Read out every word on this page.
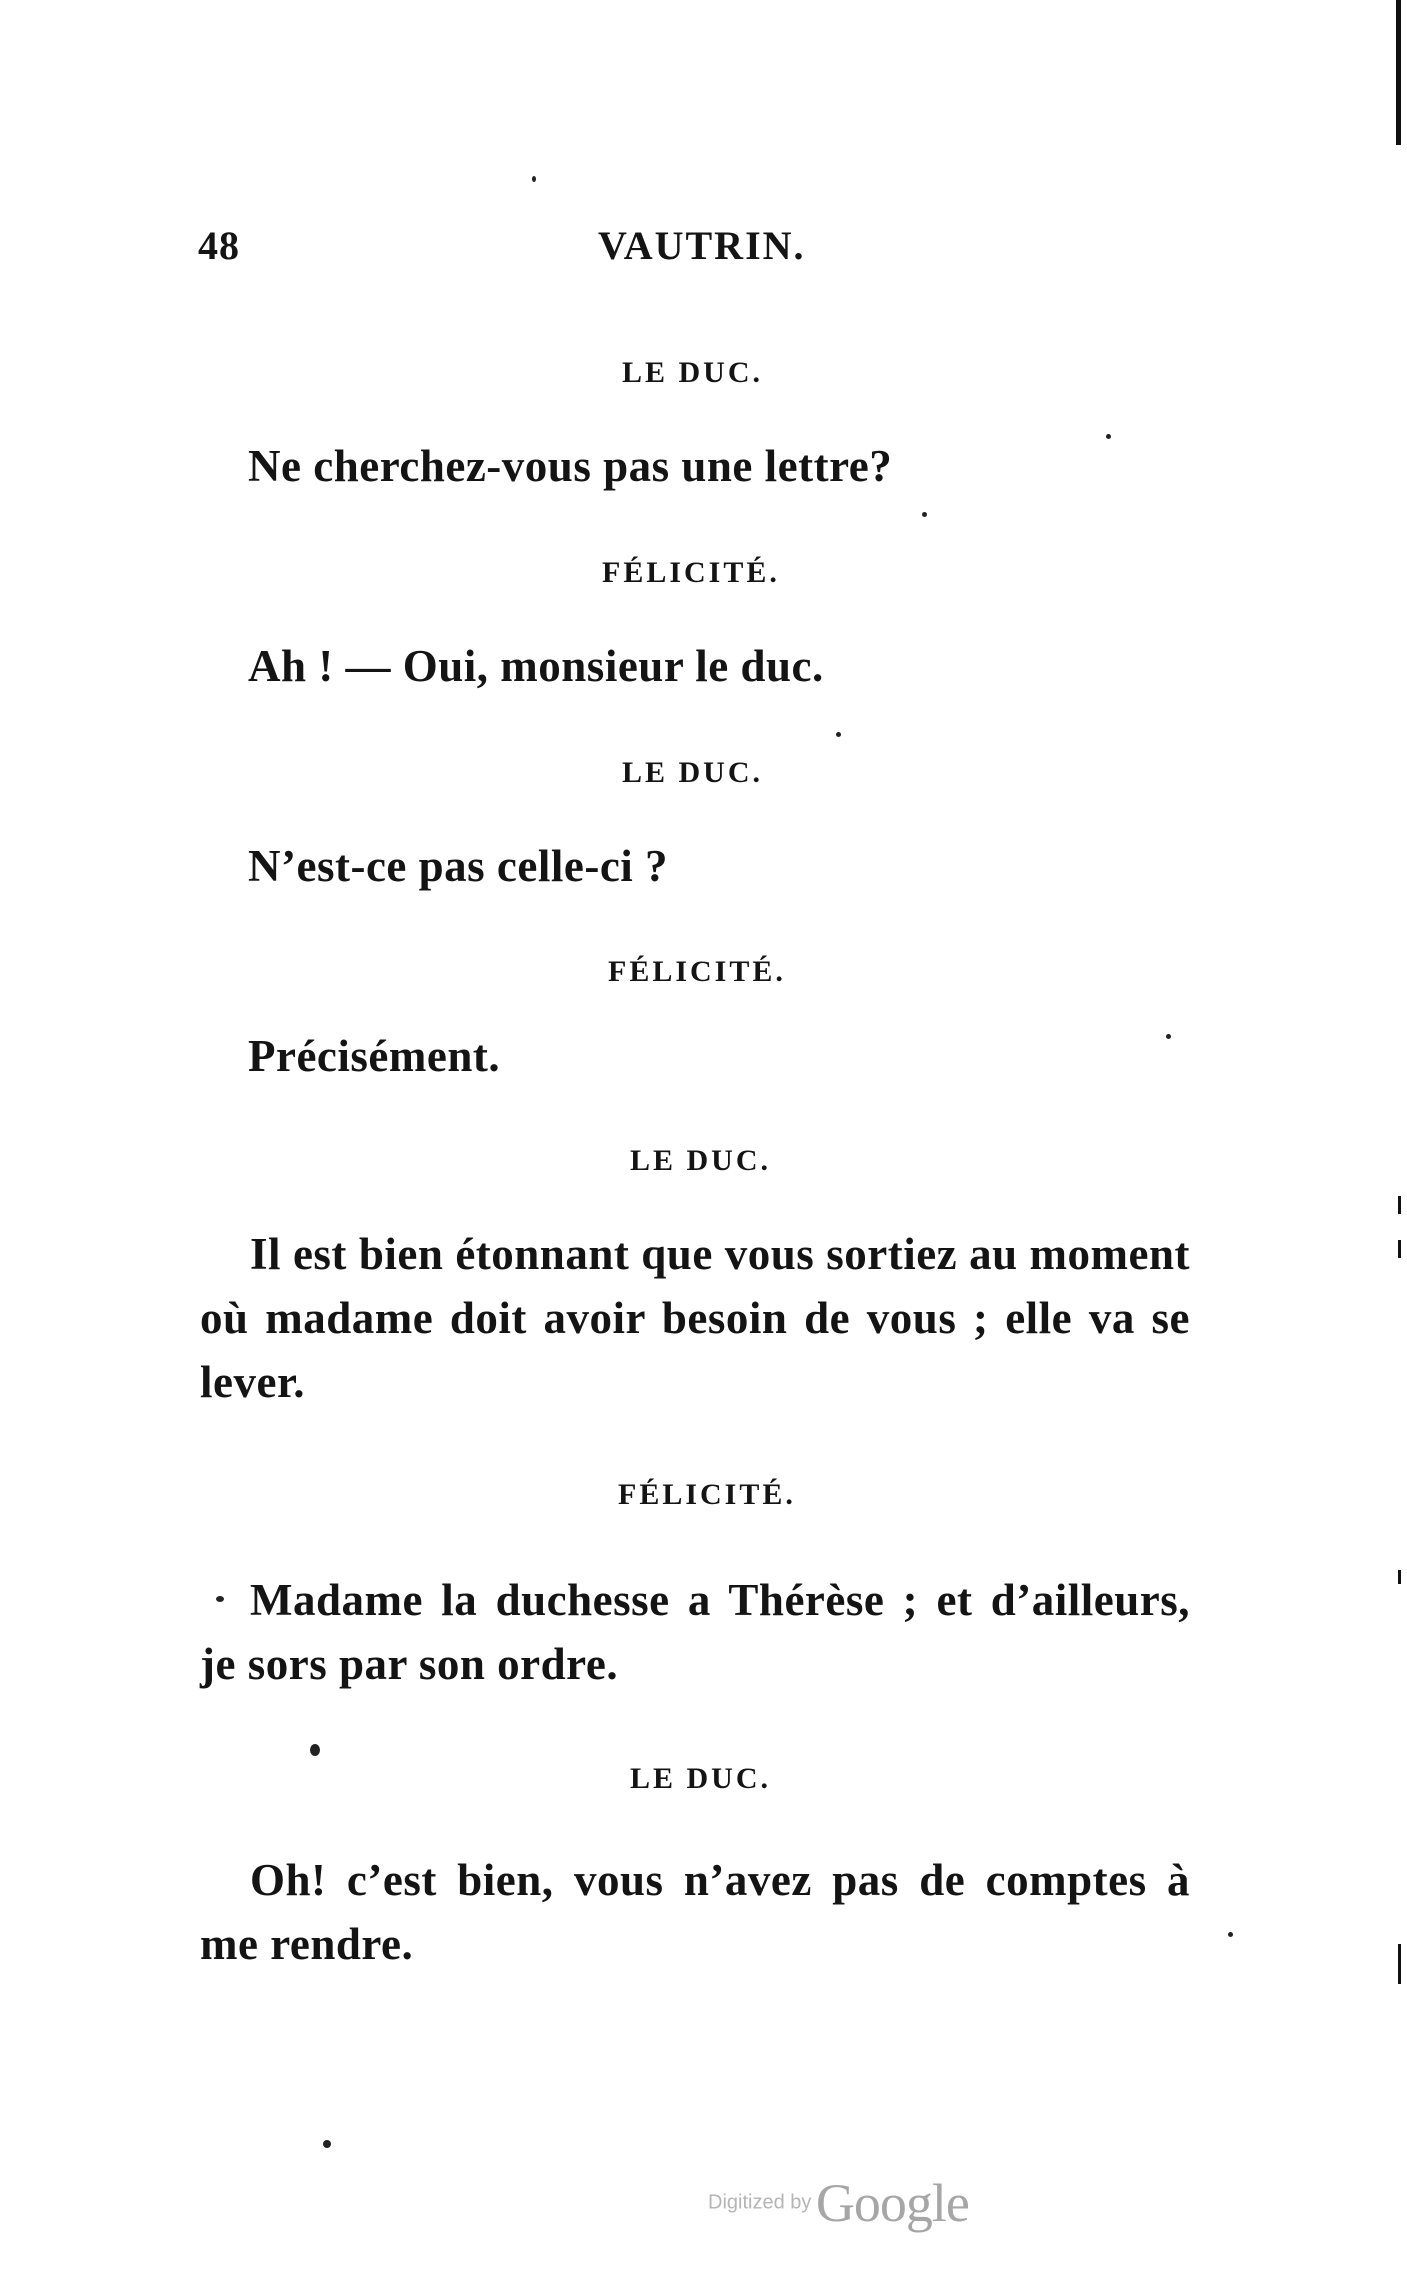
48	VAUTRIN.
LE DUC.
Ne cherchez-vous pas une lettre?
FÉLICITÉ.
Ah ! — Oui, monsieur le duc.
LE DUC.
N’est-ce pas celle-ci ?
FÉLICITÉ.
Précisément.
LE DUC.
Il est bien étonnant que vous sortiez au moment où madame doit avoir besoin de vous ; elle va se lever.
FÉLICITÉ.
Madame la duchesse a Thérèse ; et d’ailleurs, je sors par son ordre.
LE DUC.
Oh! c’est bien, vous n’avez pas de comptes à me rendre.
Digitized by Google
